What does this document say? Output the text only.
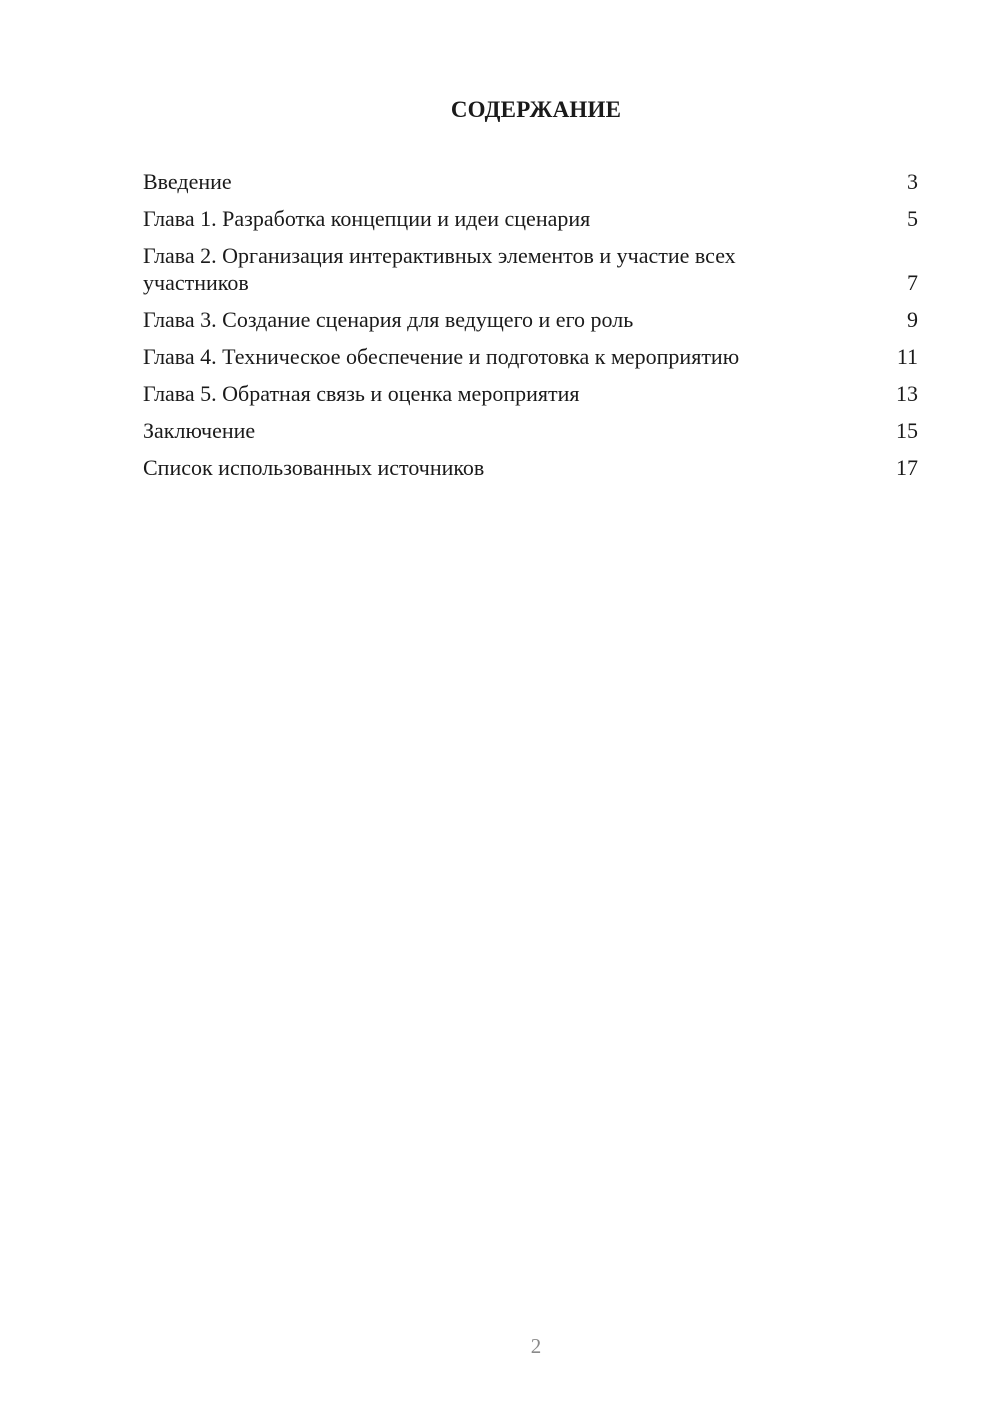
СОДЕРЖАНИЕ
Введение	3
Глава 1. Разработка концепции и идеи сценария	5
Глава 2. Организация интерактивных элементов и участие всех участников	7
Глава 3. Создание сценария для ведущего и его роль	9
Глава 4. Техническое обеспечение и подготовка к мероприятию	11
Глава 5. Обратная связь и оценка мероприятия	13
Заключение	15
Список использованных источников	17
2
